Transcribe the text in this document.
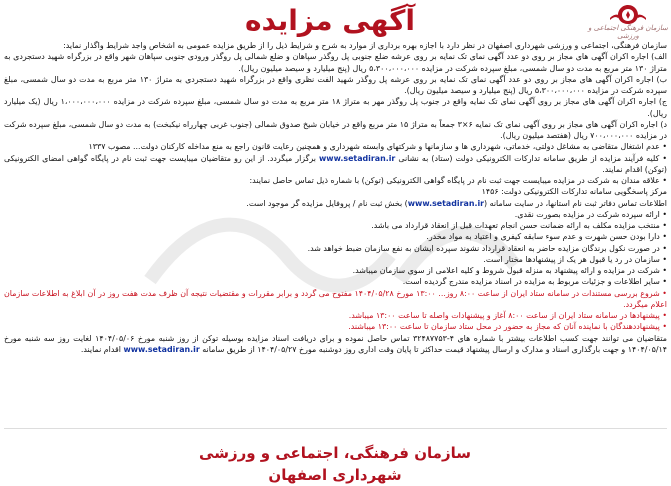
سازمان فرهنگی اجتماعی و ورزشی
آگهی مزایده

سازمان فرهنگی، اجتماعی و ورزشی شهرداری اصفهان در نظر دارد با اجازه بهره برداری از موارد به شرح و شرایط ذیل را از طریق مزایده عمومی به اشخاص واجد شرایط واگذار نماید:

الف) اجاره اکران آگهی های مجاز بر روی دو عدد آگهی نمای تک نمایه بر روی عرشه ضلع جنوبی پل روگذر سپاهان و ضلع شمالی پل روگذر ورودی جنوبی سپاهان شهر واقع در بزرگراه شهید دستجردی به متراژ ۱۳۰ متر مربع به مدت دو سال شمسی، مبلغ سپرده شرکت در مزایده ۵،۳۰۰،۰۰۰،۰۰۰ ریال (پنج میلیارد و سیصد میلیون ریال).

ب) اجاره اکران آگهی های مجاز بر روی دو عدد آگهی نمای تک نمایه بر روی عرشه پل روگذر شهید الفت نظری واقع در بزرگراه شهید دستجردی به متراژ ۱۳۰ متر مربع به مدت دو سال شمسی، مبلغ سپرده شرکت در مزایده ۵،۳۰۰،۰۰۰،۰۰۰ ریال (پنج میلیارد و سیصد میلیون ریال).

ج) اجاره اکران آگهی های مجاز بر روی آگهی نمای تک نمایه واقع در جنوب پل روگذر مهر به متراژ ۱۸ متر مربع به مدت دو سال شمسی، مبلغ سپرده شرکت در مزایده ۱،۰۰۰،۰۰۰،۰۰۰ ریال (یک میلیارد ریال).

د) اجاره اکران آگهی های مجاز بر روی آگهی نمای تک نمایه ۶×۳ جمعاً به متراژ ۱۵ متر مربع واقع در خیابان شیخ صدوق شمالی (جنوب غربی چهارراه نیکبخت) به مدت دو سال شمسی، مبلغ سپرده شرکت در مزایده ۷۰۰،۰۰۰،۰۰۰ ریال (هفتصد میلیون ریال).

• عدم اشتغال متقاضی به مشاغل دولتی، خدماتی، شهرداری ها و سازمانها و شرکتهای وابسته شهرداری و همچنین رعایت قانون راجع به منع مداخله کارکنان دولت... مصوب ۱۳۳۷

• کلیه فرآیند مزایده از طریق سامانه تدارکات الکترونیکی دولت (ستاد) به نشانی www.setadiran.ir برگزار میگردد. از این رو متقاضیان میبایست جهت ثبت نام در پایگاه گواهی امضای الکترونیکی (توکن) اقدام نمایند.

• علاقه مندان به شرکت در مزایده میبایست جهت ثبت نام در پایگاه گواهی الکترونیکی (توکن) با شماره ذیل تماس حاصل نمایند:

مرکز پاسخگویی سامانه تدارکات الکترونیکی دولت: ۱۴۵۶

اطلاعات تماس دفاتر ثبت نام استانها، در سایت سامانه (www.setadiran.ir) بخش ثبت نام / پروفایل مزایده گر موجود است.

• ارائه سپرده شرکت در مزایده بصورت نقدی.

• منتخب مزایده مکلف به ارائه ضمانت حسن انجام تعهدات قبل از انعقاد قرارداد می باشد.

• دارا بودن حسن شهرت و عدم سوء سابقه کیفری و اعتیاد به مواد مخدر.

• در صورت نکول برندگان مزایده حاضر به انعقاد قرارداد نشوند سپرده ایشان به نفع سازمان ضبط خواهد شد.

• سازمان در رد یا قبول هر یک از پیشنهادها مختار است.

• شرکت در مزایده و ارائه پیشنهاد به منزله قبول شروط و کلیه اعلامی از سوی سازمان میباشد.

• سایر اطلاعات و جزئیات مربوط به مزایده در اسناد مزایده مندرج گردیده است.

• شروع بررسی مستندات در سامانه ستاد ایران از ساعت ۸:۰۰ روز... ۱۳:۰۰ مورخ ۱۴۰۴/۰۵/۲۸ مفتوح می گردد و برابر مقررات و مقتضیات نتیجه آن ظرف مدت هفت روز در آن ابلاغ به اطلاعات سازمان اعلام میگردد.

• پیشنهادها در سامانه ستاد ایران از ساعت ۸:۰۰ آغاز و پیشنهادات واصله تا ساعت ۱۳:۰۰ میباشد.

• پیشنهاددهندگان با نماینده آنان که مجاز به حضور در محل ستاد سازمان تا ساعت ۱۳:۰۰ میباشند.

متقاضیان می توانند جهت کسب اطلاعات بیشتر با شماره های ۴-۳۲۴۸۷۷۵۳ تماس حاصل نموده و برای دریافت اسناد مزایده بوسیله توکن از روز شنبه مورخ ۱۴۰۴/۰۵/۰۶ لغایت روز سه شنبه مورخ ۱۴۰۴/۰۵/۱۴ و جهت بارگذاری اسناد و مدارک و ارسال پیشنهاد قیمت حداکثر تا پایان وقت اداری روز دوشنبه مورخ ۱۴۰۴/۰۵/۲۷ از طریق سامانه www.setadiran.ir اقدام نمایند.

سازمان فرهنگی، اجتماعی و ورزشی شهرداری اصفهان
